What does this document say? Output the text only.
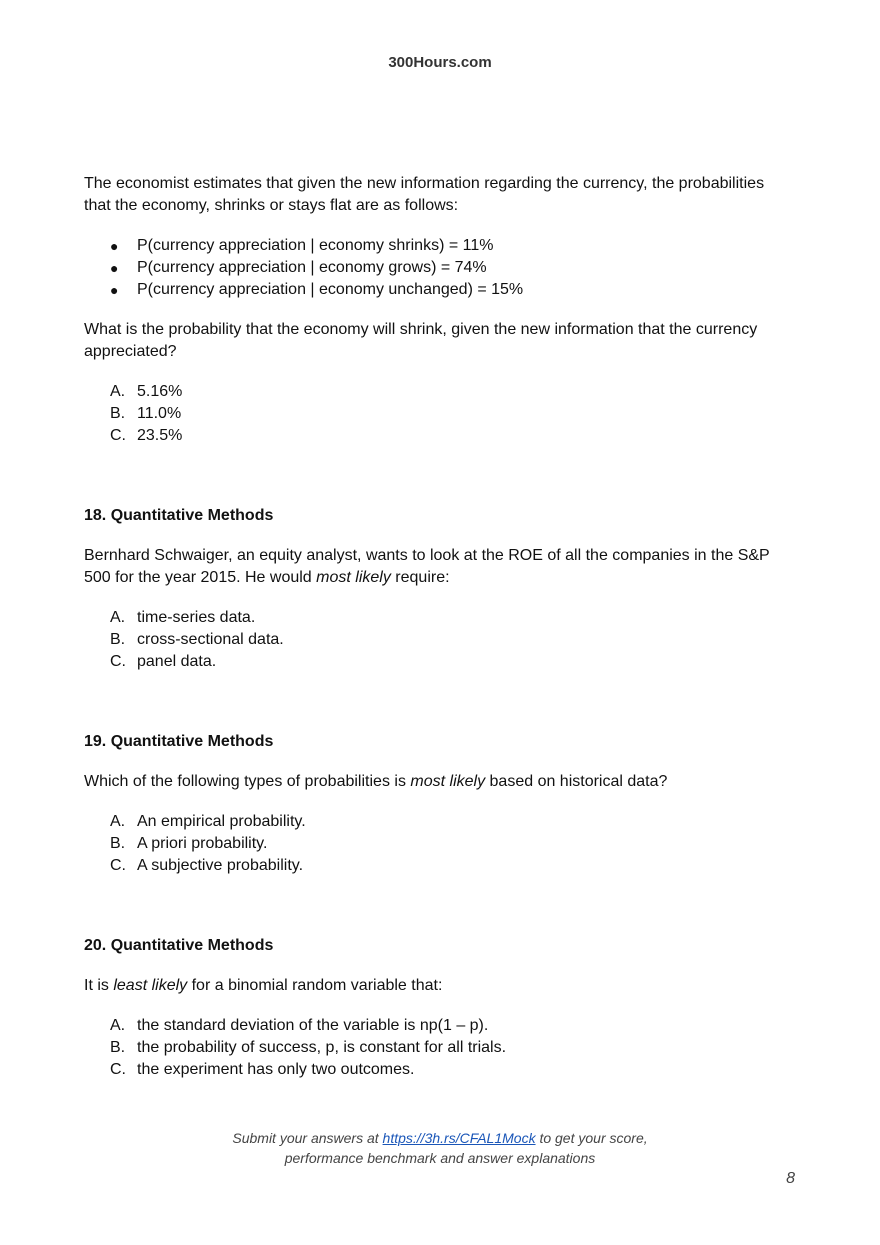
300Hours.com

The economist estimates that given the new information regarding the currency, the probabilities

that the economy, shrinks or stays flat are as follows:

● P(currency appreciation | economy shrinks) = 11%
● P(currency appreciation | economy grows) = 74%
● P(currency appreciation | economy unchanged) = 15%

What is the probability that the economy will shrink, given the new information that the currency

appreciated?

A. 5.16%
B. 11.0%
C. 23.5%

18. Quantitative Methods

Bernhard Schwaiger, an equity analyst, wants to look at the ROE of all the companies in the S&P

500 for the year 2015. He would most likely require:

A. time-series data.
B. cross-sectional data.
C. panel data.

19. Quantitative Methods

Which of the following types of probabilities is most likely based on historical data?

A. An empirical probability.
B. A priori probability.
C. A subjective probability.

20. Quantitative Methods

It is least likely for a binomial random variable that:

A. the standard deviation of the variable is np(1 – p).
B. the probability of success, p, is constant for all trials.
C. the experiment has only two outcomes.
Submit your answers at https://3h.rs/CFAL1Mock to get your score,
performance benchmark and answer explanations
8
